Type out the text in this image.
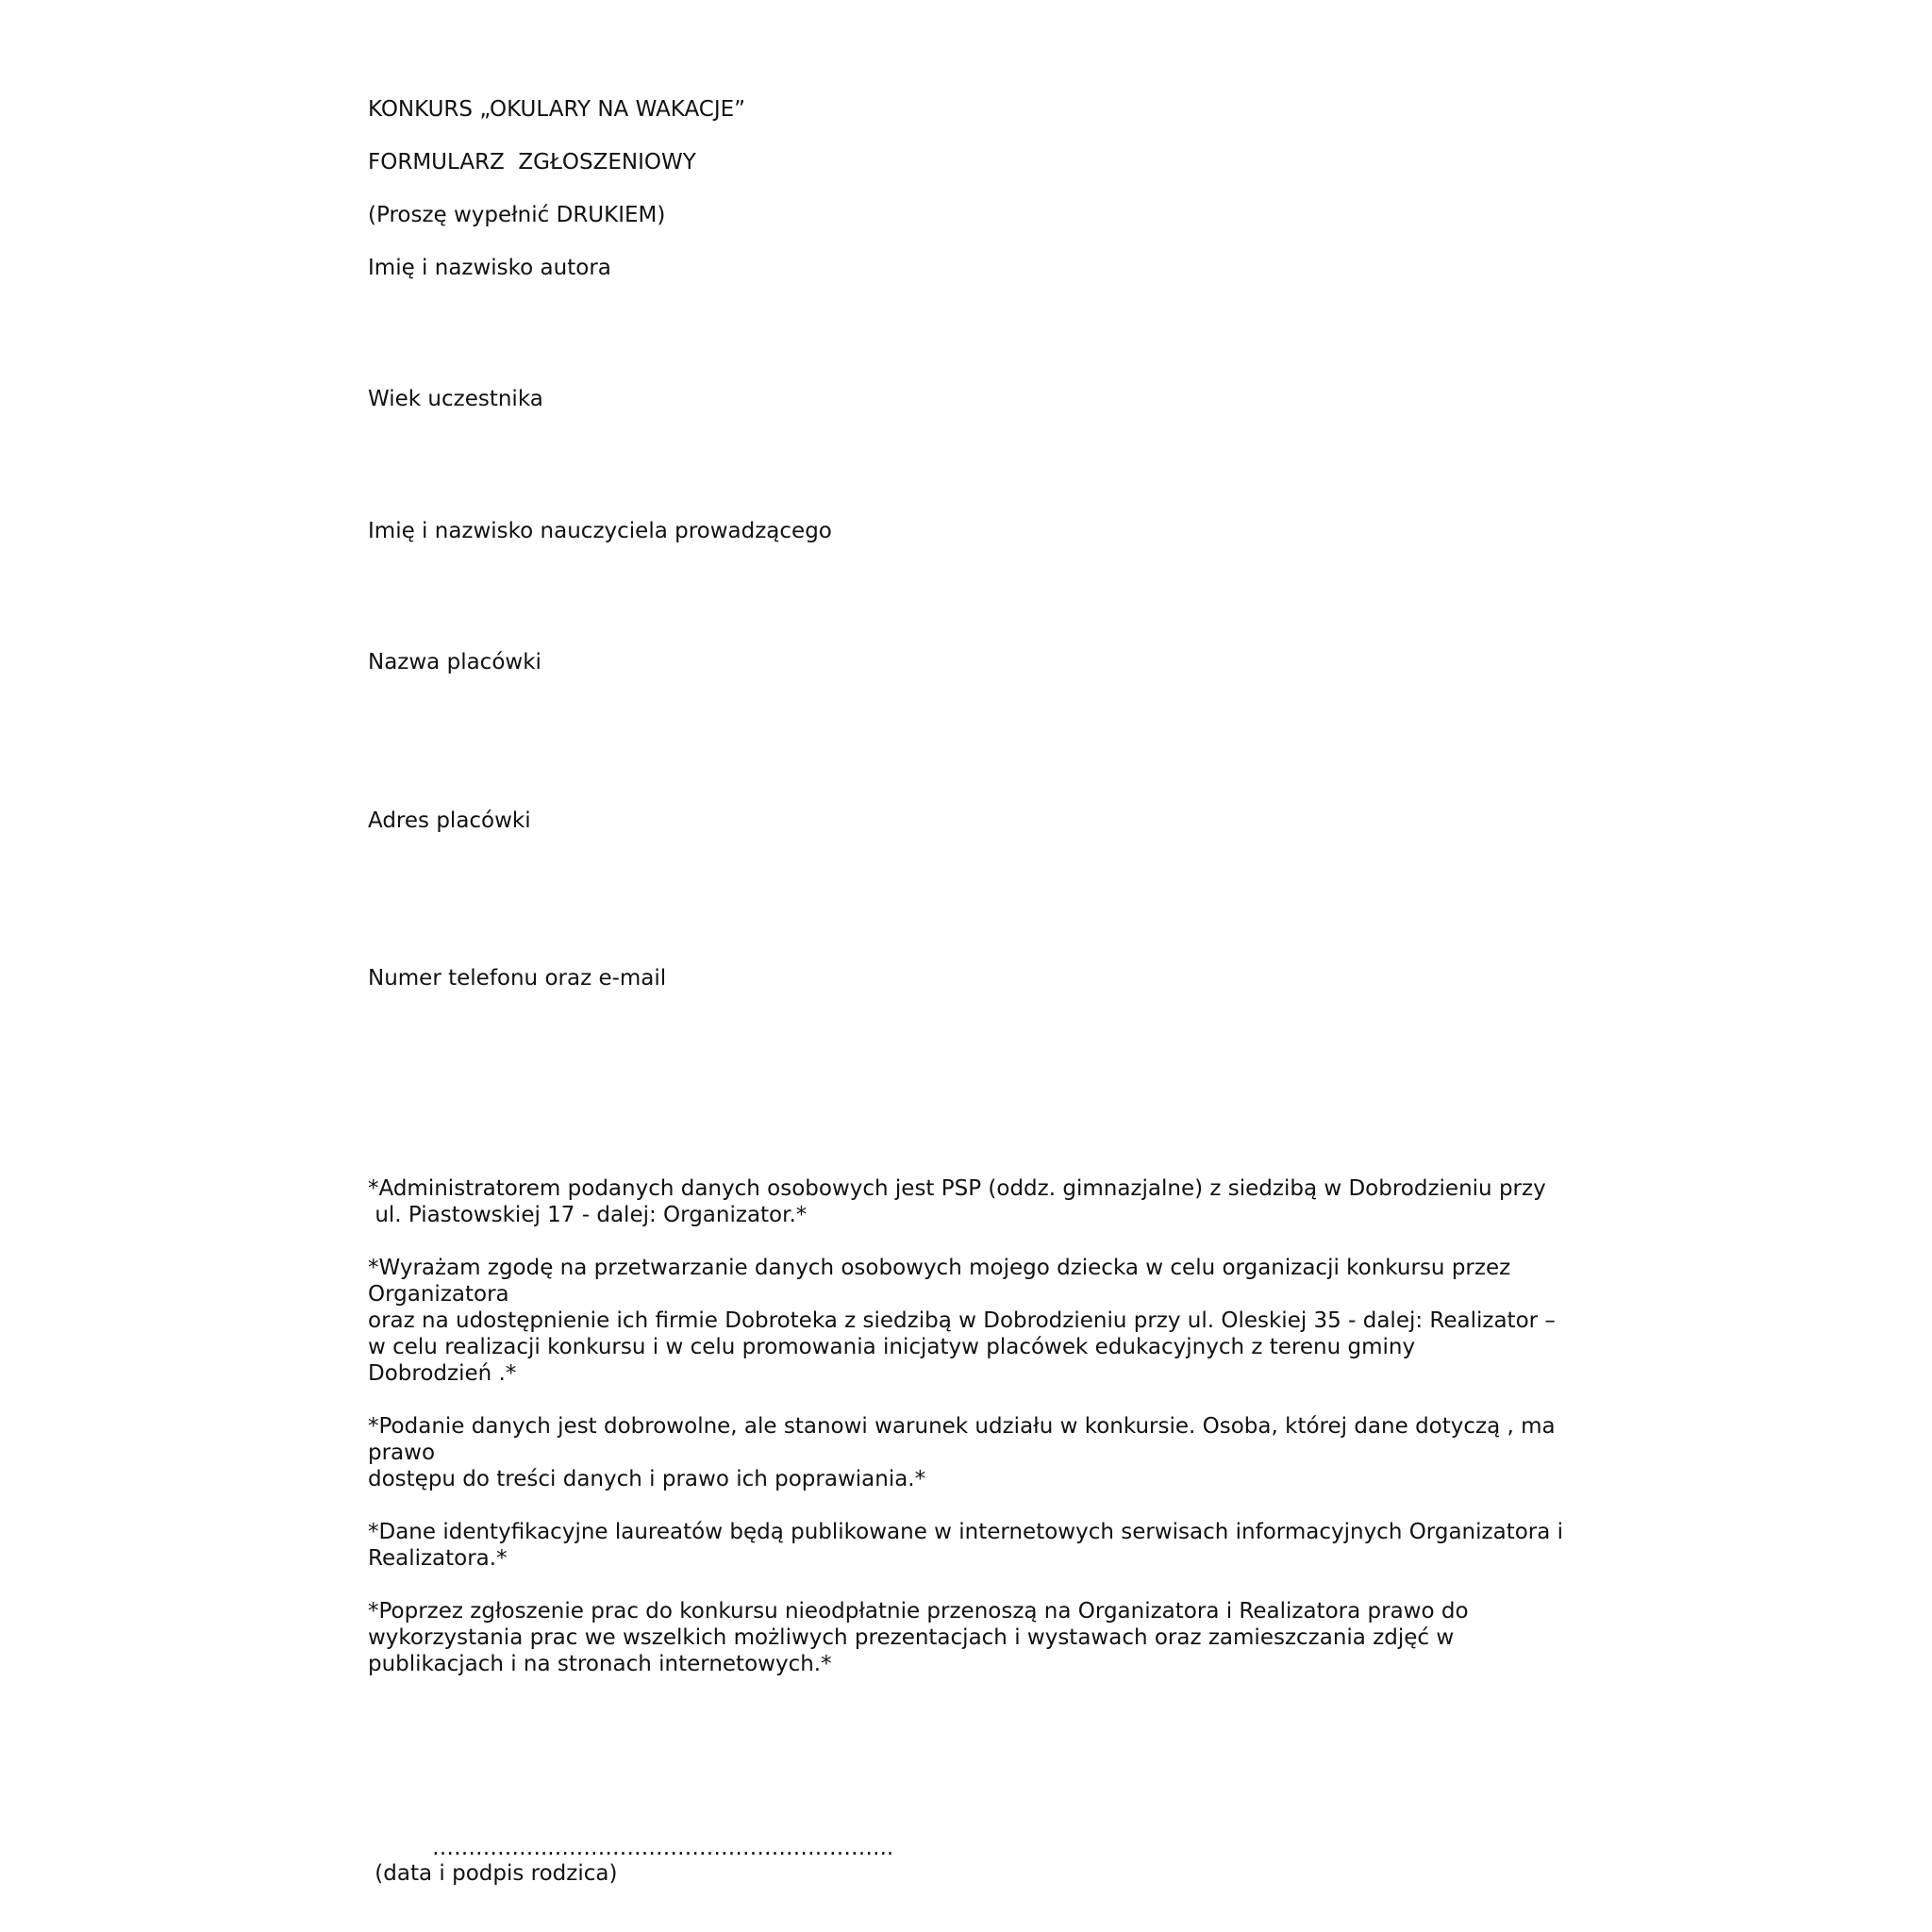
KONKURS „OKULARY NA WAKACJE”
FORMULARZ  ZGŁOSZENIOWY
(Proszę wypełnić DRUKIEM)
Imię i nazwisko autora
Wiek uczestnika
Imię i nazwisko nauczyciela prowadzącego
Nazwa placówki
Adres placówki
Numer telefonu oraz e-mail
*Administratorem podanych danych osobowych jest PSP (oddz. gimnazjalne) z siedzibą w Dobrodzieniu przy
ul. Piastowskiej 17 - dalej: Organizator.*
*Wyrażam zgodę na przetwarzanie danych osobowych mojego dziecka w celu organizacji konkursu przez
Organizatora
oraz na udostępnienie ich firmie Dobroteka z siedzibą w Dobrodzieniu przy ul. Oleskiej 35 - dalej: Realizator –
w celu realizacji konkursu i w celu promowania inicjatyw placówek edukacyjnych z terenu gminy
Dobrodzień .*
*Podanie danych jest dobrowolne, ale stanowi warunek udziału w konkursie. Osoba, której dane dotyczą , ma
prawo
dostępu do treści danych i prawo ich poprawiania.*
*Dane identyfikacyjne laureatów będą publikowane w internetowych serwisach informacyjnych Organizatora i
Realizatora.*
*Poprzez zgłoszenie prac do konkursu nieodpłatnie przenoszą na Organizatora i Realizatora prawo do
wykorzystania prac we wszelkich możliwych prezentacjach i wystawach oraz zamieszczania zdjęć w
publikacjach i na stronach internetowych.*
……………..………………………………………..
(data i podpis rodzica)
